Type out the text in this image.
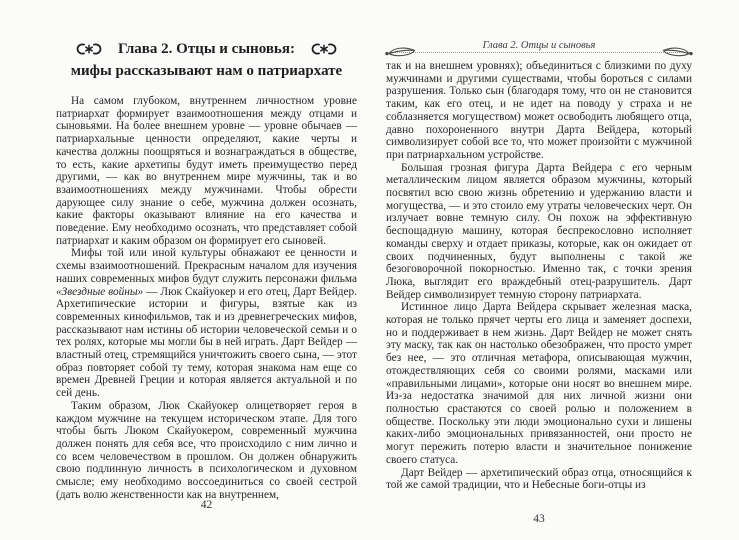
Глава 2. Отцы и сыновья:
мифы рассказывают нам о патриархате

На самом глубоком, внутреннем личностном уровне патриархат формирует взаимоотношения между отцами и сыновьями. На более внешнем уровне — уровне обычаев — патриархальные ценности определяют, какие черты и качества должны поощряться и вознаграждаться в обществе, то есть, какие архетипы будут иметь преимущество перед другими, — как во внутреннем мире мужчины, так и во взаимоотношениях между мужчинами. Чтобы обрести дарующее силу знание о себе, мужчина должен осознать, какие факторы оказывают влияние на его качества и поведение. Ему необходимо осознать, что представляет собой патриархат и каким образом он формирует его сыновей.

Мифы той или иной культуры обнажают ее ценности и схемы взаимоотношений. Прекрасным началом для изучения наших современных мифов будут служить персонажи фильма «Звездные войны» — Люк Скайуокер и его отец, Дарт Вейдер. Архетипические истории и фигуры, взятые как из современных кинофильмов, так и из древнегреческих мифов, рассказывают нам истины об истории человеческой семьи и о тех ролях, которые мы могли бы в ней играть. Дарт Вейдер — властный отец, стремящийся уничтожить своего сына, — этот образ повторяет собой ту тему, которая знакома нам еще со времен Древней Греции и которая является актуальной и по сей день.

Таким образом, Люк Скайуокер олицетворяет героя в каждом мужчине на текущем историческом этапе. Для того чтобы быть Люком Скайуокером, современный мужчина должен понять для себя все, что происходило с ним лично и со всем человечеством в прошлом. Он должен обнаружить свою подлинную личность в психологическом и духовном смысле; ему необходимо воссоединиться со своей сестрой (дать волю женственности как на внутреннем,

Глава 2. Отцы и сыновья

так и на внешнем уровнях); объединиться с близкими по духу мужчинами и другими существами, чтобы бороться с силами разрушения. Только сын (благодаря тому, что он не становится таким, как его отец, и не идет на поводу у страха и не соблазняется могуществом) может освободить любящего отца, давно похороненного внутри Дарта Вейдера, который символизирует собой все то, что может произойти с мужчиной при патриархальном устройстве.

Большая грозная фигура Дарта Вейдера с его черным металлическим лицом является образом мужчины, который посвятил всю свою жизнь обретению и удержанию власти и могущества, — и это стоило ему утраты человеческих черт. Он излучает вовне темную силу. Он похож на эффективную беспощадную машину, которая беспрекословно исполняет команды сверху и отдает приказы, которые, как он ожидает от своих подчиненных, будут выполнены с такой же безоговорочной покорностью. Именно так, с точки зрения Люка, выглядит его враждебный отец-разрушитель. Дарт Вейдер символизирует темную сторону патриархата.

Истинное лицо Дарта Вейдера скрывает железная маска, которая не только прячет черты его лица и заменяет доспехи, но и поддерживает в нем жизнь. Дарт Вейдер не может снять эту маску, так как он настолько обезображен, что просто умрет без нее, — это отличная метафора, описывающая мужчин, отождествляющих себя со своими ролями, масками или «правильными лицами», которые они носят во внешнем мире. Из-за недостатка значимой для них личной жизни они полностью срастаются со своей ролью и положением в обществе. Поскольку эти люди эмоционально сухи и лишены каких-либо эмоциональных привязанностей, они просто не могут пережить потерю власти и значительное понижение своего статуса.

Дарт Вейдер — архетипический образ отца, относящийся к той же самой традиции, что и Небесные боги-отцы из

42
43
